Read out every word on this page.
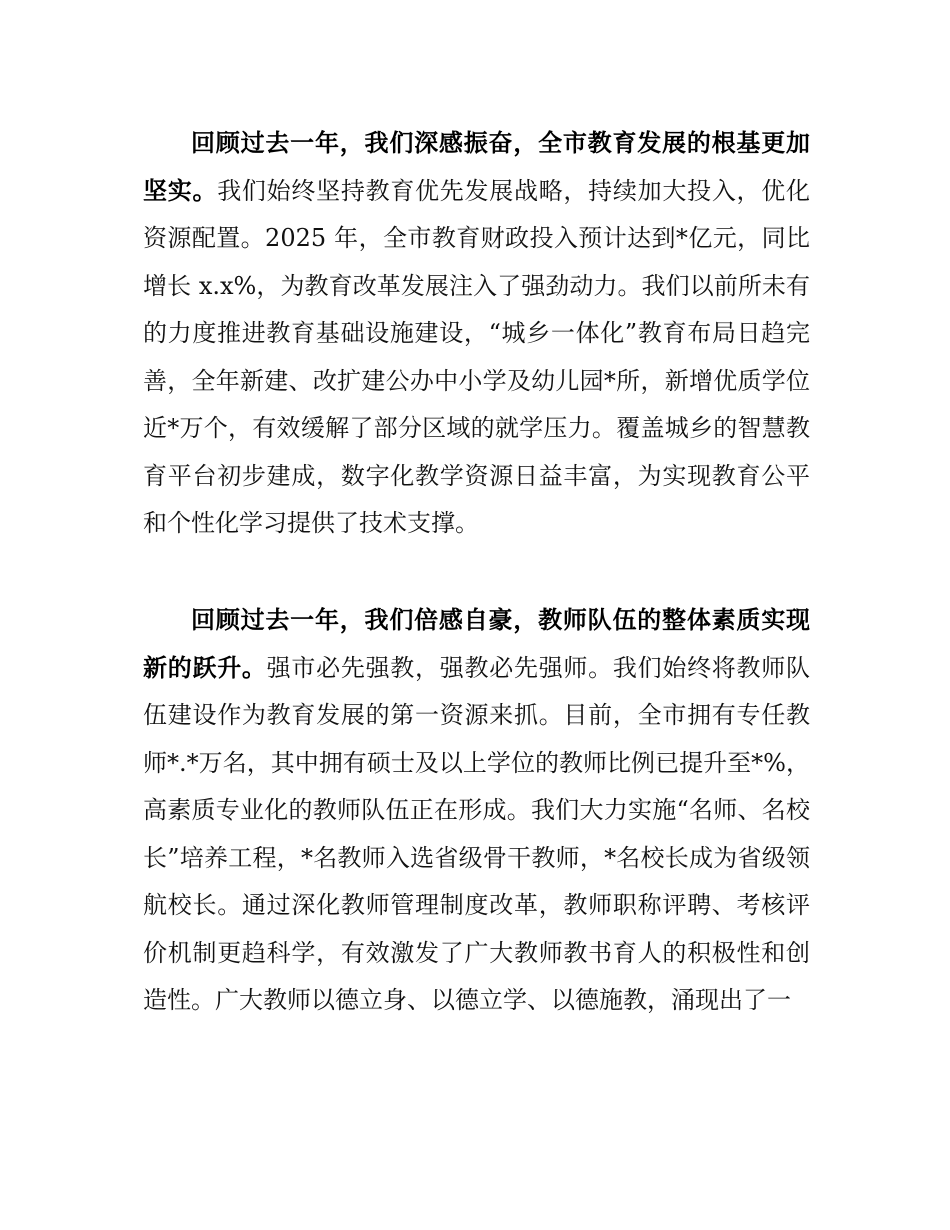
回顾过去一年，我们深感振奋，全市教育发展的根基更加坚实。我们始终坚持教育优先发展战略，持续加大投入，优化资源配置。2025 年，全市教育财政投入预计达到*亿元，同比增长 x.x%，为教育改革发展注入了强劲动力。我们以前所未有的力度推进教育基础设施建设，“城乡一体化”教育布局日趋完善，全年新建、改扩建公办中小学及幼儿园*所，新增优质学位近*万个，有效缓解了部分区域的就学压力。覆盖城乡的智慧教育平台初步建成，数字化教学资源日益丰富，为实现教育公平和个性化学习提供了技术支撑。

回顾过去一年，我们倍感自豪，教师队伍的整体素质实现新的跃升。强市必先强教，强教必先强师。我们始终将教师队伍建设作为教育发展的第一资源来抓。目前，全市拥有专任教师*.*万名，其中拥有硕士及以上学位的教师比例已提升至*%，高素质专业化的教师队伍正在形成。我们大力实施“名师、名校长”培养工程，*名教师入选省级骨干教师，*名校长成为省级领航校长。通过深化教师管理制度改革，教师职称评聘、考核评价机制更趋科学，有效激发了广大教师教书育人的积极性和创造性。广大教师以德立身、以德立学、以德施教，涌现出了一
